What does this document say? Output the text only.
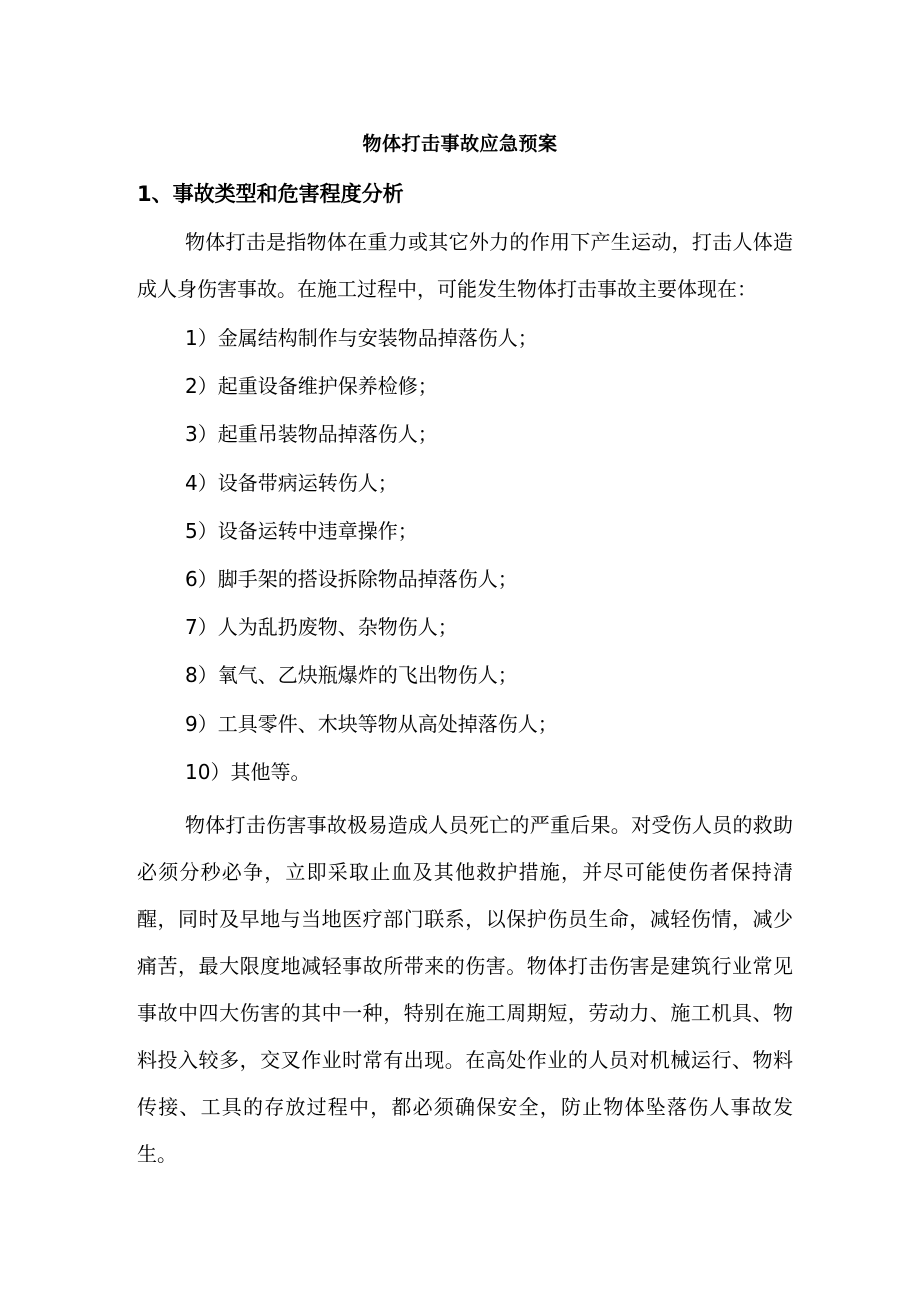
物体打击事故应急预案
1、事故类型和危害程度分析

物体打击是指物体在重力或其它外力的作用下产生运动，打击人体造成人身伤害事故。在施工过程中，可能发生物体打击事故主要体现在：

1）金属结构制作与安装物品掉落伤人；
2）起重设备维护保养检修；
3）起重吊装物品掉落伤人；
4）设备带病运转伤人；
5）设备运转中违章操作；
6）脚手架的搭设拆除物品掉落伤人；
7）人为乱扔废物、杂物伤人；
8）氧气、乙炔瓶爆炸的飞出物伤人；
9）工具零件、木块等物从高处掉落伤人；
10）其他等。

物体打击伤害事故极易造成人员死亡的严重后果。对受伤人员的救助必须分秒必争，立即采取止血及其他救护措施，并尽可能使伤者保持清醒，同时及早地与当地医疗部门联系，以保护伤员生命，减轻伤情，减少痛苦，最大限度地减轻事故所带来的伤害。物体打击伤害是建筑行业常见事故中四大伤害的其中一种，特别在施工周期短，劳动力、施工机具、物料投入较多，交叉作业时常有出现。在高处作业的人员对机械运行、物料传接、工具的存放过程中，都必须确保安全，防止物体坠落伤人事故发生。
